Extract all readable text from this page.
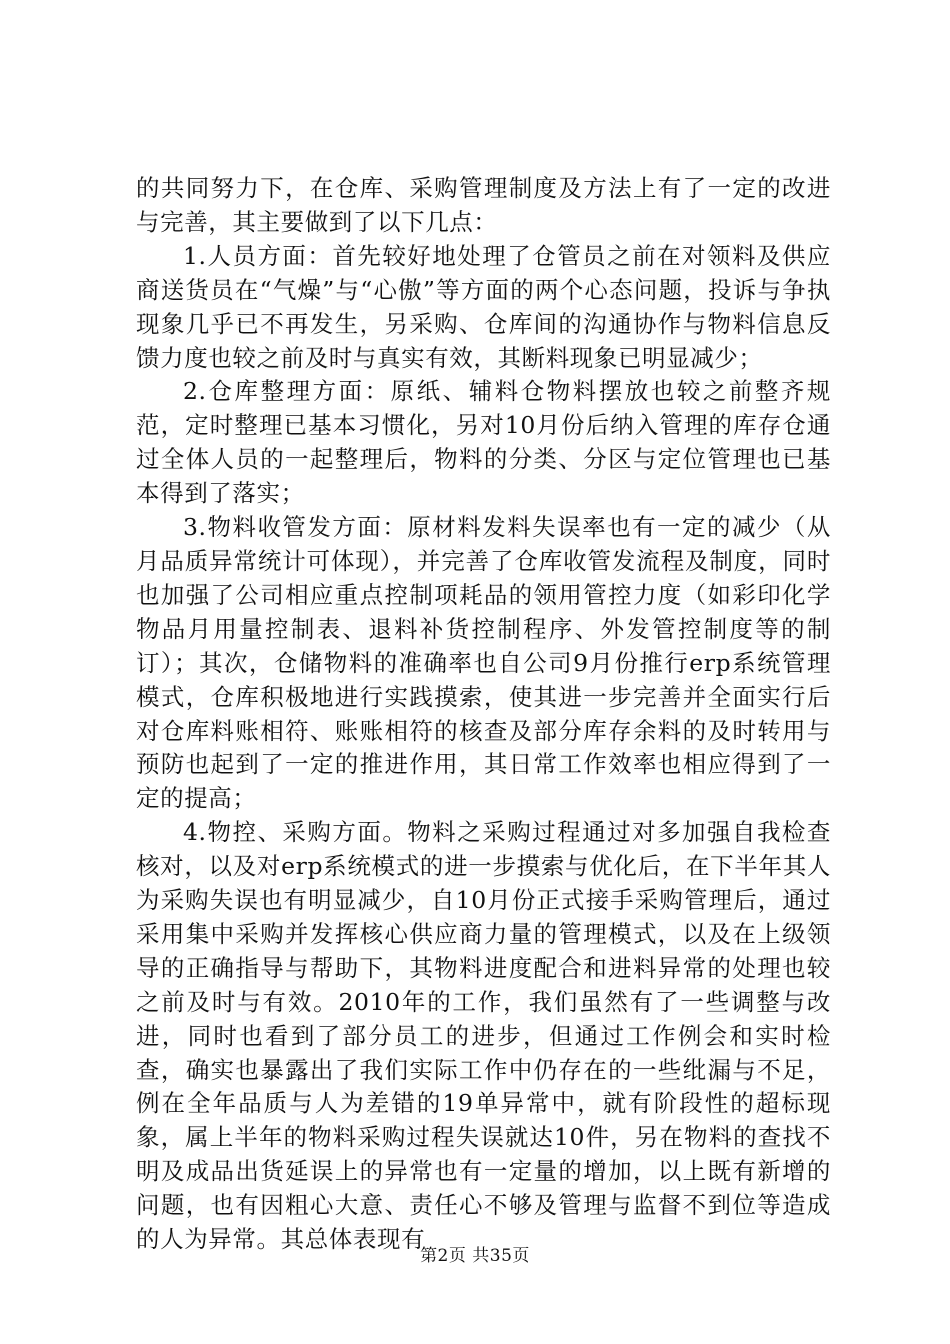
的共同努力下，在仓库、采购管理制度及方法上有了一定的改进与完善，其主要做到了以下几点：

1.人员方面：首先较好地处理了仓管员之前在对领料及供应商送货员在“气燥”与“心傲”等方面的两个心态问题，投诉与争执现象几乎已不再发生，另采购、仓库间的沟通协作与物料信息反馈力度也较之前及时与真实有效，其断料现象已明显减少；

2.仓库整理方面：原纸、辅料仓物料摆放也较之前整齐规范，定时整理已基本习惯化，另对10月份后纳入管理的库存仓通过全体人员的一起整理后，物料的分类、分区与定位管理也已基本得到了落实；

3.物料收管发方面：原材料发料失误率也有一定的减少（从月品质异常统计可体现），并完善了仓库收管发流程及制度，同时也加强了公司相应重点控制项耗品的领用管控力度（如彩印化学物品月用量控制表、退料补货控制程序、外发管控制度等的制订）；其次，仓储物料的准确率也自公司9月份推行erp系统管理模式，仓库积极地进行实践摸索，使其进一步完善并全面实行后对仓库料账相符、账账相符的核查及部分库存余料的及时转用与预防也起到了一定的推进作用，其日常工作效率也相应得到了一定的提高；

4.物控、采购方面。物料之采购过程通过对多加强自我检查核对，以及对erp系统模式的进一步摸索与优化后，在下半年其人为采购失误也有明显减少，自10月份正式接手采购管理后，通过采用集中采购并发挥核心供应商力量的管理模式，以及在上级领导的正确指导与帮助下，其物料进度配合和进料异常的处理也较之前及时与有效。2010年的工作，我们虽然有了一些调整与改进，同时也看到了部分员工的进步，但通过工作例会和实时检查，确实也暴露出了我们实际工作中仍存在的一些纰漏与不足，例在全年品质与人为差错的19单异常中，就有阶段性的超标现象，属上半年的物料采购过程失误就达10件，另在物料的查找不明及成品出货延误上的异常也有一定量的增加，以上既有新增的问题，也有因粗心大意、责任心不够及管理与监督不到位等造成的人为异常。其总体表现有

第2页 共35页
